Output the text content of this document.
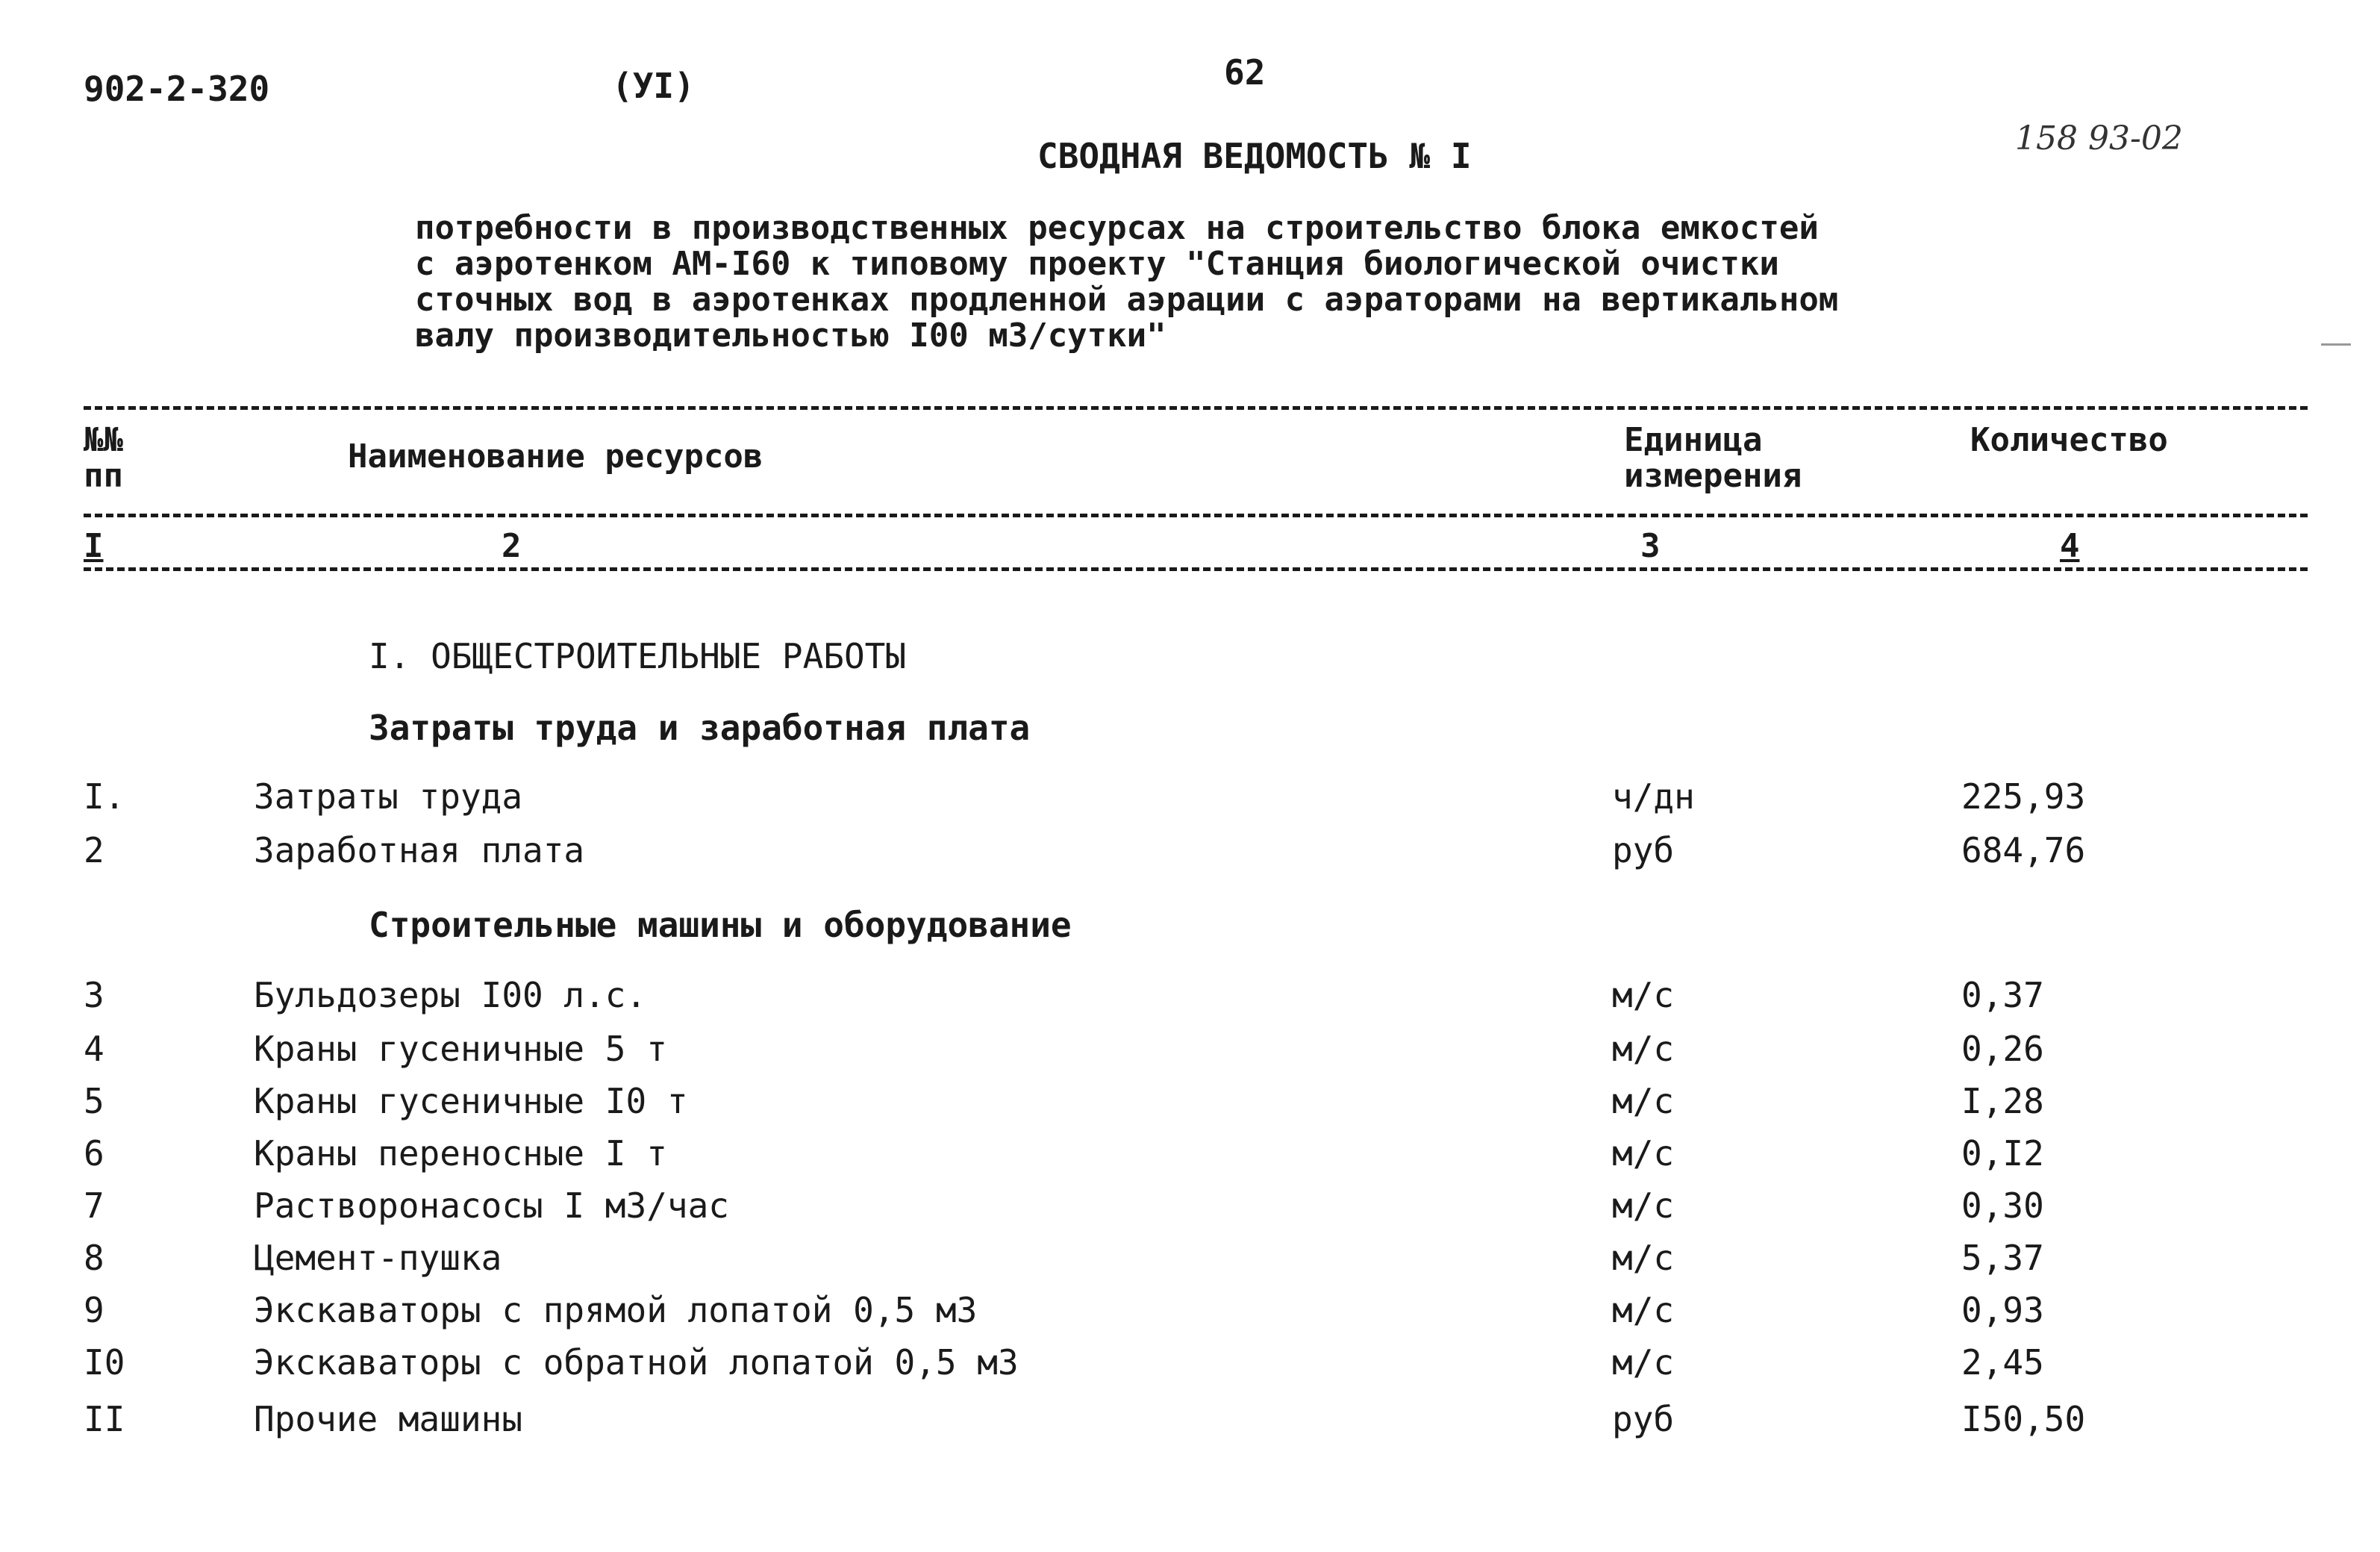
902-2-320	(УI)	62
158 93-02
СВОДНАЯ ВЕДОМОСТЬ № I
потребности в производственных ресурсах на строительство блока емкостей
с аэротенком АМ-I60 к типовому проекту "Станция биологической очистки
сточных вод в аэротенках продленной аэрации с аэраторами на вертикальном
валу производительностью I00 м3/сутки"
№№
пп
Наименование ресурсов	Единица
измерения
Количество
I	2	3	4
I. ОБЩЕСТРОИТЕЛЬНЫЕ РАБОТЫ
Затраты труда и заработная плата
I.	Затраты труда	ч/дн	225,93
2	Заработная плата	руб	684,76
Строительные машины и оборудование
3	Бульдозеры I00 л.с.	м/с	0,37
4	Краны гусеничные 5 т	м/с	0,26
5	Краны гусеничные I0 т	м/с	I,28
6	Краны переносные I т	м/с	0,I2
7	Растворонасосы I м3/час	м/с	0,30
8	Цемент-пушка	м/с	5,37
9	Экскаваторы с прямой лопатой 0,5 м3	м/с	0,93
I0	Экскаваторы с обратной лопатой 0,5 м3	м/с	2,45
II	Прочие машины	руб	I50,50
